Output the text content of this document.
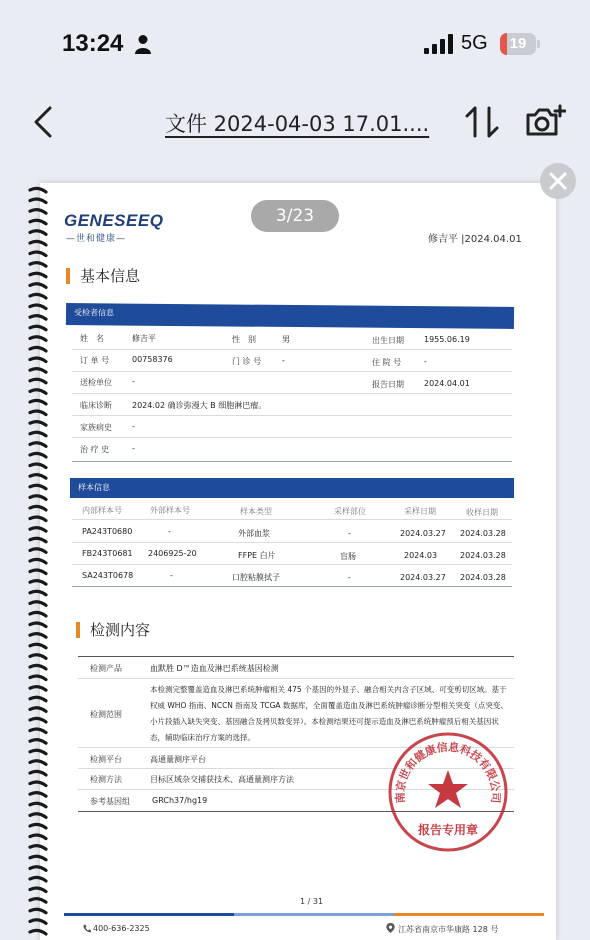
13:24	5G	19
文件 2024-04-03 17.01....
3/23
GENESEEQ
—世和健康—	修吉平 |2024.04.01
基本信息
受检者信息
姓　名	修吉平	性　别	男	出生日期	1955.06.19
订 单 号	00758376	门 诊 号	-	住 院 号	-
送检单位	-	报告日期	2024.04.01
临床诊断	2024.02 确诊弥漫大 B 细胞淋巴瘤。
家族病史	-
治 疗 史	-
样本信息
内部样本号	外部样本号	样本类型	采样部位	采样日期	收样日期
PA243T0680	-	外部血浆	-	2024.03.27 2024.03.28
FB243T0681 2406925-20	FFPE 白片	盲肠	2024.03	2024.03.28
SA243T0678	-	口腔粘膜拭子	-	2024.03.27 2024.03.28
检测内容
检测产品	血默胜 D™造血及淋巴系统基因检测
检测范围
本检测完整覆盖造血及淋巴系统肿瘤相关 475 个基因的外显子、融合相关内含子区域、可变剪切区域。基于
权威 WHO 指南、NCCN 指南及 TCGA 数据库，全面覆盖造血及淋巴系统肿瘤诊断分型相关突变（点突变、
小片段插入缺失突变、基因融合及拷贝数变异）。本检测结果还可提示造血及淋巴系统肿瘤预后相关基因状
态，辅助临床治疗方案的选择。
检测平台	高通量测序平台
检测方法	目标区域杂交捕获技术、高通量测序方法
参考基因组	GRCh37/hg19	南京世和健康信息科技有限公司
报告专用章
1 / 31
400-636-2325	江苏省南京市华康路 128 号
